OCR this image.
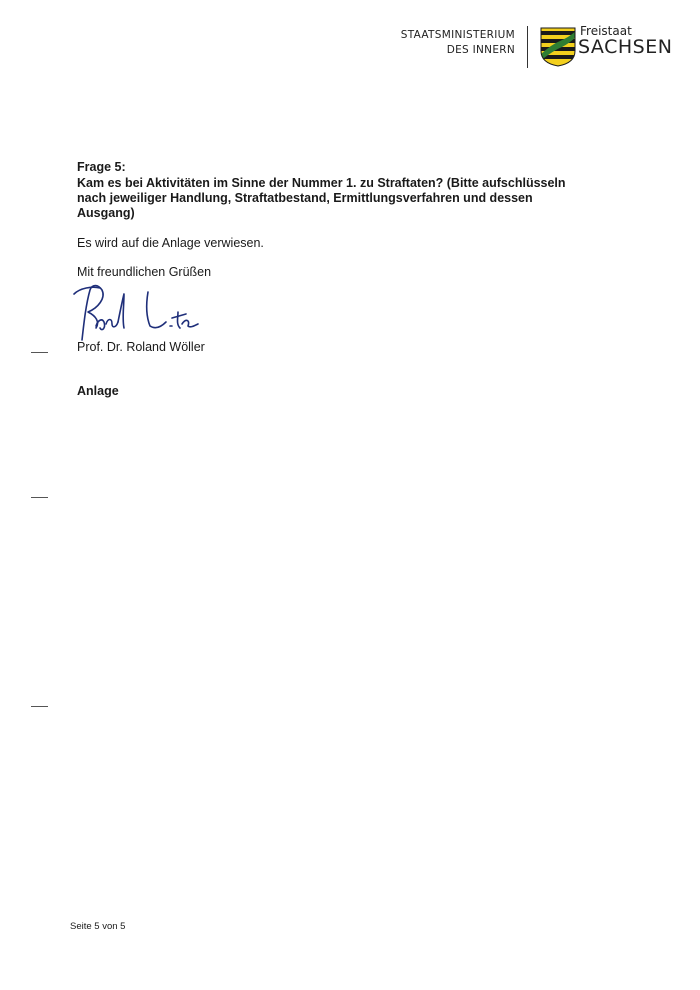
STAATSMINISTERIUM
DES INNERN
Freistaat
SACHSEN
Frage 5:
Kam es bei Aktivitäten im Sinne der Nummer 1. zu Straftaten? (Bitte aufschlüsseln nach jeweiliger Handlung, Straftatbestand, Ermittlungsverfahren und dessen Ausgang)
Es wird auf die Anlage verwiesen.
Mit freundlichen Grüßen
Prof. Dr. Roland Wöller
Anlage
Seite 5 von 5
